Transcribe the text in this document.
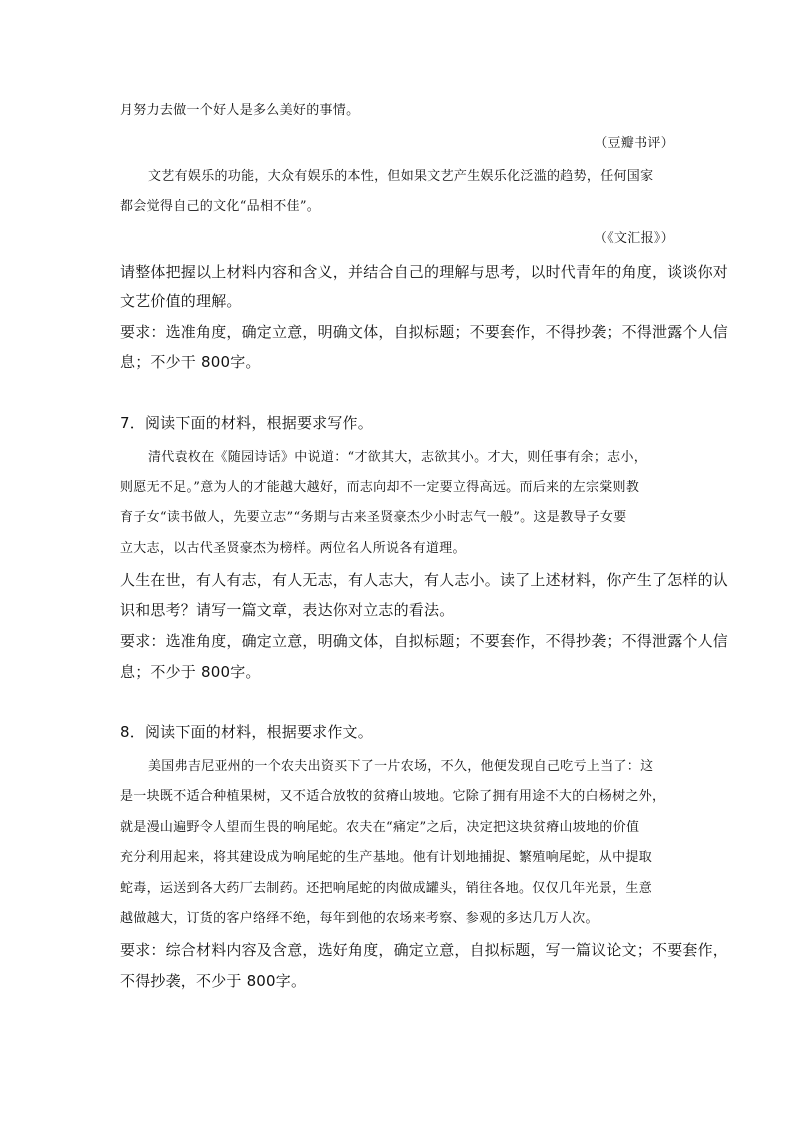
月努力去做一个好人是多么美好的事情。
（豆瓣书评）
文艺有娱乐的功能，大众有娱乐的本性，但如果文艺产生娱乐化泛滥的趋势，任何国家
都会觉得自己的文化“品相不佳”。
（《文汇报》）
请整体把握以上材料内容和含义，并结合自己的理解与思考，以时代青年的角度，谈谈你对
文艺价值的理解。
要求：选准角度，确定立意，明确文体，自拟标题；不要套作，不得抄袭；不得泄露个人信
息；不少干 800字。
7．阅读下面的材料，根据要求写作。
清代袁枚在《随园诗话》中说道：“才欲其大，志欲其小。才大，则任事有余；志小，
则愿无不足。”意为人的才能越大越好，而志向却不一定要立得高远。而后来的左宗棠则教
育子女“读书做人，先要立志”“务期与古来圣贤豪杰少小时志气一般”。这是教导子女要
立大志，以古代圣贤豪杰为榜样。两位名人所说各有道理。
人生在世，有人有志，有人无志，有人志大，有人志小。读了上述材料，你产生了怎样的认
识和思考？请写一篇文章，表达你对立志的看法。
要求：选准角度，确定立意，明确文体，自拟标题；不要套作，不得抄袭；不得泄露个人信
息；不少于 800字。
8．阅读下面的材料，根据要求作文。
美国弗吉尼亚州的一个农夫出资买下了一片农场，不久，他便发现自己吃亏上当了：这
是一块既不适合种植果树，又不适合放牧的贫瘠山坡地。它除了拥有用途不大的白杨树之外，
就是漫山遍野令人望而生畏的响尾蛇。农夫在“痛定”之后，决定把这块贫瘠山坡地的价值
充分利用起来，将其建设成为响尾蛇的生产基地。他有计划地捕捉、繁殖响尾蛇，从中提取
蛇毒，运送到各大药厂去制药。还把响尾蛇的肉做成罐头，销往各地。仅仅几年光景，生意
越做越大，订货的客户络绎不绝，每年到他的农场来考察、参观的多达几万人次。
要求：综合材料内容及含意，选好角度，确定立意，自拟标题，写一篇议论文；不要套作，
不得抄袭，不少于 800字。
